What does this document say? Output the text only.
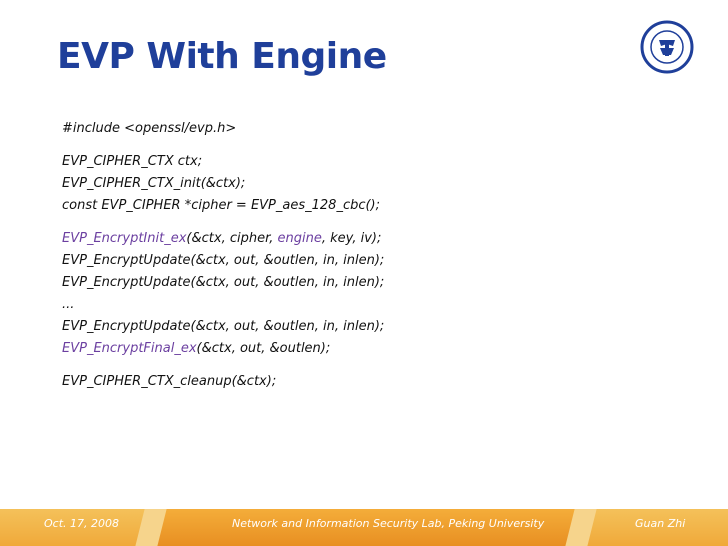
EVP With Engine
#include <openssl/evp.h>
EVP_CIPHER_CTX ctx;
EVP_CIPHER_CTX_init(&ctx);
const EVP_CIPHER *cipher = EVP_aes_128_cbc();
EVP_EncryptInit_ex(&ctx, cipher, engine, key, iv);
EVP_EncryptUpdate(&ctx, out, &outlen, in, inlen);
EVP_EncryptUpdate(&ctx, out, &outlen, in, inlen);
...
EVP_EncryptUpdate(&ctx, out, &outlen, in, inlen);
EVP_EncryptFinal_ex(&ctx, out, &outlen);
EVP_CIPHER_CTX_cleanup(&ctx);
Oct. 17, 2008	Network and Information Security Lab, Peking University	Guan Zhi
